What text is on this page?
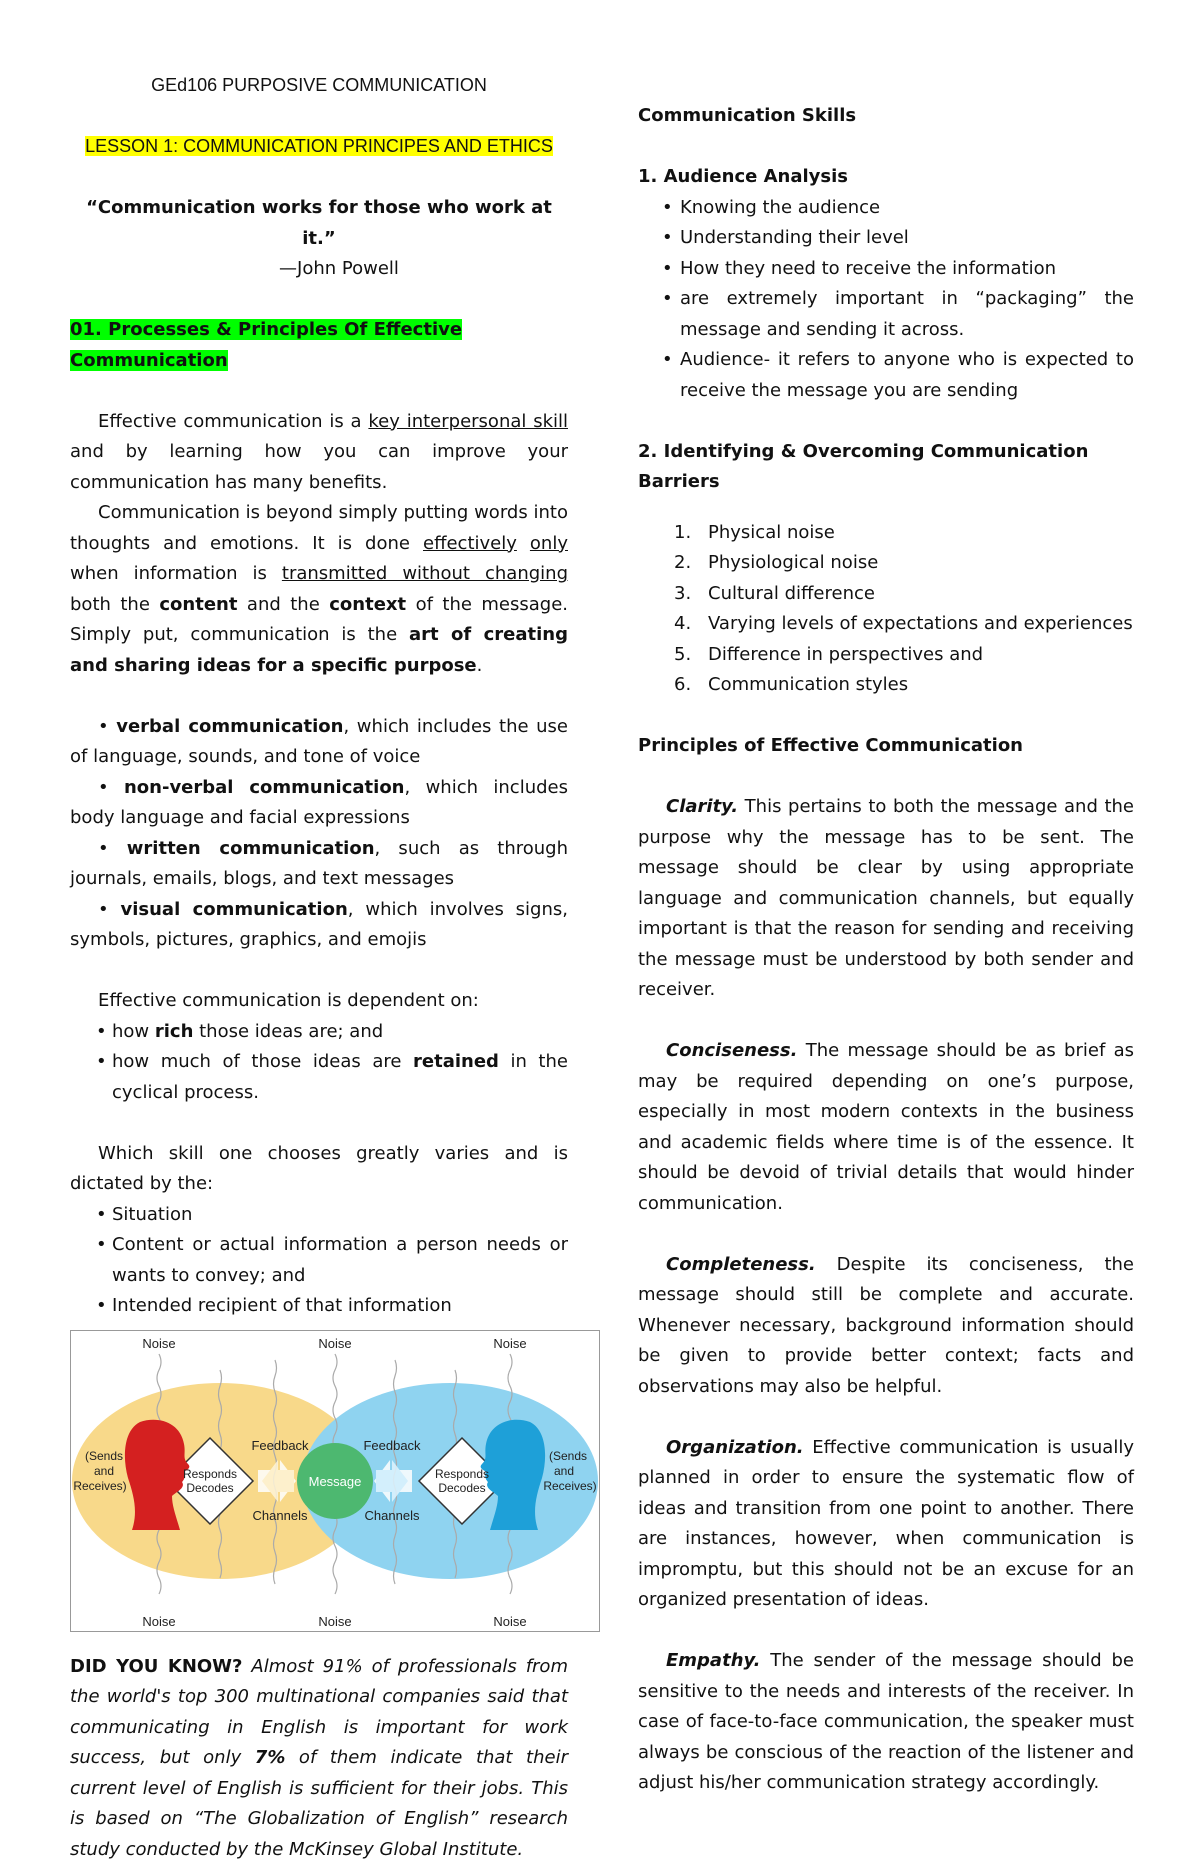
GEd106 PURPOSIVE COMMUNICATION

LESSON 1: COMMUNICATION PRINCIPES AND ETHICS

“Communication works for those who work at it.”

—John Powell

01. Processes & Principles Of Effective Communication

Effective communication is a key interpersonal skill and by learning how you can improve your communication has many benefits.

Communication is beyond simply putting words into thoughts and emotions. It is done effectively only when information is transmitted without changing both the content and the context of the message. Simply put, communication is the art of creating and sharing ideas for a specific purpose.

• verbal communication, which includes the use of language, sounds, and tone of voice

• non-verbal communication, which includes body language and facial expressions

• written communication, such as through journals, emails, blogs, and text messages

• visual communication, which involves signs, symbols, pictures, graphics, and emojis

Effective communication is dependent on:

• how rich those ideas are; and

• how much of those ideas are retained in the cyclical process.

Which skill one chooses greatly varies and is dictated by the:

• Situation

• Content or actual information a person needs or wants to convey; and

• Intended recipient of that information

Noise	Noise	Noise
Noise	Noise	Noise
Feedback	Feedback
Channels	Channels
Message
Responds
Decodes
Responds
Decodes
(Sends
and
Receives)
(Sends
and
Receives)

DID YOU KNOW? Almost 91% of professionals from the world's top 300 multinational companies said that communicating in English is important for work success, but only 7% of them indicate that their current level of English is sufficient for their jobs. This is based on “The Globalization of English” research study conducted by the McKinsey Global Institute.

Communication Skills

1. Audience Analysis

• Knowing the audience

• Understanding their level

• How they need to receive the information

• are extremely important in “packaging” the message and sending it across.

• Audience- it refers to anyone who is expected to receive the message you are sending

2. Identifying & Overcoming Communication Barriers

1. Physical noise

2. Physiological noise

3. Cultural difference

4. Varying levels of expectations and experiences

5. Difference in perspectives and

6. Communication styles

Principles of Effective Communication

Clarity. This pertains to both the message and the purpose why the message has to be sent. The message should be clear by using appropriate language and communication channels, but equally important is that the reason for sending and receiving the message must be understood by both sender and receiver.

Conciseness. The message should be as brief as may be required depending on one’s purpose, especially in most modern contexts in the business and academic fields where time is of the essence. It should be devoid of trivial details that would hinder communication.

Completeness. Despite its conciseness, the message should still be complete and accurate. Whenever necessary, background information should be given to provide better context; facts and observations may also be helpful.

Organization. Effective communication is usually planned in order to ensure the systematic flow of ideas and transition from one point to another. There are instances, however, when communication is impromptu, but this should not be an excuse for an organized presentation of ideas.

Empathy. The sender of the message should be sensitive to the needs and interests of the receiver. In case of face-to-face communication, the speaker must always be conscious of the reaction of the listener and adjust his/her communication strategy accordingly.
